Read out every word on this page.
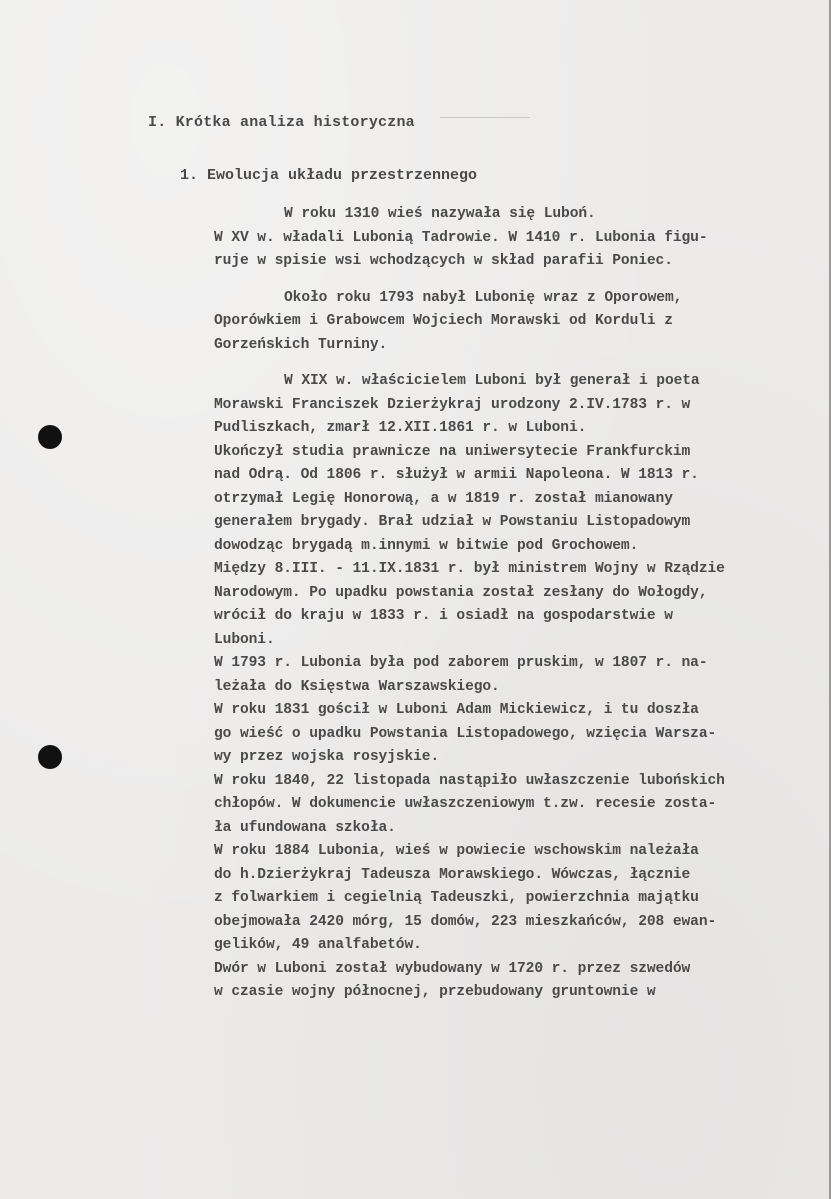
I. Krótka analiza historyczna
1. Ewolucja układu przestrzennego
W roku 1310 wieś nazywała się Luboń.
W XV w. władali Lubonią Tadrowie. W 1410 r. Lubonia figu-
ruje w spisie wsi wchodzących w skład parafii Poniec.
Około roku 1793 nabył Lubonię wraz z Oporowem,
Oporówkiem i Grabowcem Wojciech Morawski od Korduli z
Gorzeńskich Turniny.
W XIX w. właścicielem Luboni był generał i poeta
Morawski Franciszek Dzierżykraj urodzony 2.IV.1783 r. w
Pudliszkach, zmarł 12.XII.1861 r. w Luboni.
Ukończył studia prawnicze na uniwersytecie Frankfurckim
nad Odrą. Od 1806 r. służył w armii Napoleona. W 1813 r.
otrzymał Legię Honorową, a w 1819 r. został mianowany
generałem brygady. Brał udział w Powstaniu Listopadowym
dowodząc brygadą m.innymi w bitwie pod Grochowem.
Między 8.III. - 11.IX.1831 r. był ministrem Wojny w Rządzie
Narodowym. Po upadku powstania został zesłany do Wołogdy,
wrócił do kraju w 1833 r. i osiadł na gospodarstwie w
Luboni.
W 1793 r. Lubonia była pod zaborem pruskim, w 1807 r. na-
leżała do Księstwa Warszawskiego.
W roku 1831 gościł w Luboni Adam Mickiewicz, i tu doszła
go wieść o upadku Powstania Listopadowego, wzięcia Warsza-
wy przez wojska rosyjskie.
W roku 1840, 22 listopada nastąpiło uwłaszczenie lubońskich
chłopów. W dokumencie uwłaszczeniowym t.zw. recesie zosta-
ła ufundowana szkoła.
W roku 1884 Lubonia, wieś w powiecie wschowskim należała
do h.Dzierżykraj Tadeusza Morawskiego. Wówczas, łącznie
z folwarkiem i cegielnią Tadeuszki, powierzchnia majątku
obejmowała 2420 mórg, 15 domów, 223 mieszkańców, 208 ewan-
gelików, 49 analfabetów.
Dwór w Luboni został wybudowany w 1720 r. przez szwedów
w czasie wojny północnej, przebudowany gruntownie w
